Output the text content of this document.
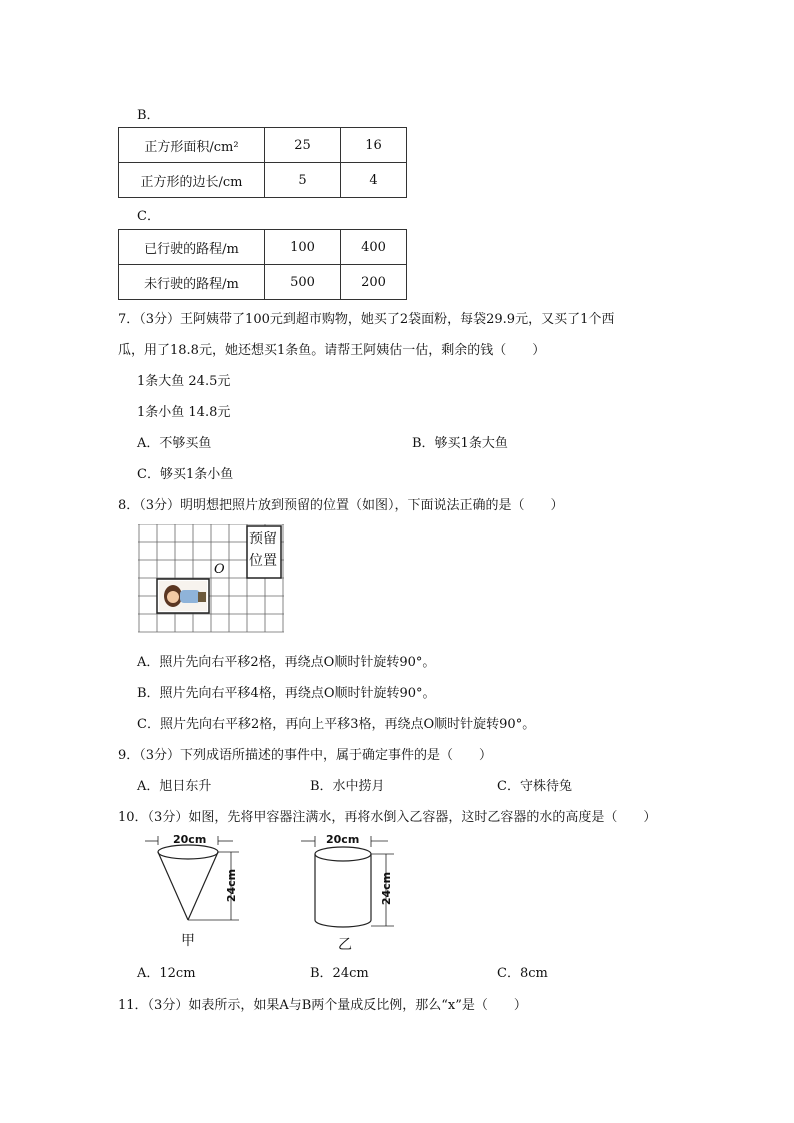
B．
正方形面积/cm²	25	16
正方形的边长/cm	5	4
C．
已行驶的路程/m	100	400
未行驶的路程/m	500	200
7．（3分）王阿姨带了100元到超市购物，她买了2袋面粉，每袋29.9元，又买了1个西
瓜，用了18.8元，她还想买1条鱼。请帮王阿姨估一估，剩余的钱（　　）
1条大鱼 24.5元
1条小鱼 14.8元
A．不够买鱼	B．够买1条大鱼
C．够买1条小鱼
8．（3分）明明想把照片放到预留的位置（如图），下面说法正确的是（　　）
预留
位置
O
A．照片先向右平移2格，再绕点O顺时针旋转90°。
B．照片先向右平移4格，再绕点O顺时针旋转90°。
C．照片先向右平移2格，再向上平移3格，再绕点O顺时针旋转90°。
9．（3分）下列成语所描述的事件中，属于确定事件的是（　　）
A．旭日东升	B．水中捞月	C．守株待兔
10．（3分）如图，先将甲容器注满水，再将水倒入乙容器，这时乙容器的水的高度是（　　）
20cm
24cm
甲
20cm
24cm
乙
A．12cm	B．24cm	C．8cm
11．（3分）如表所示，如果A与B两个量成反比例，那么“x”是（　　）
